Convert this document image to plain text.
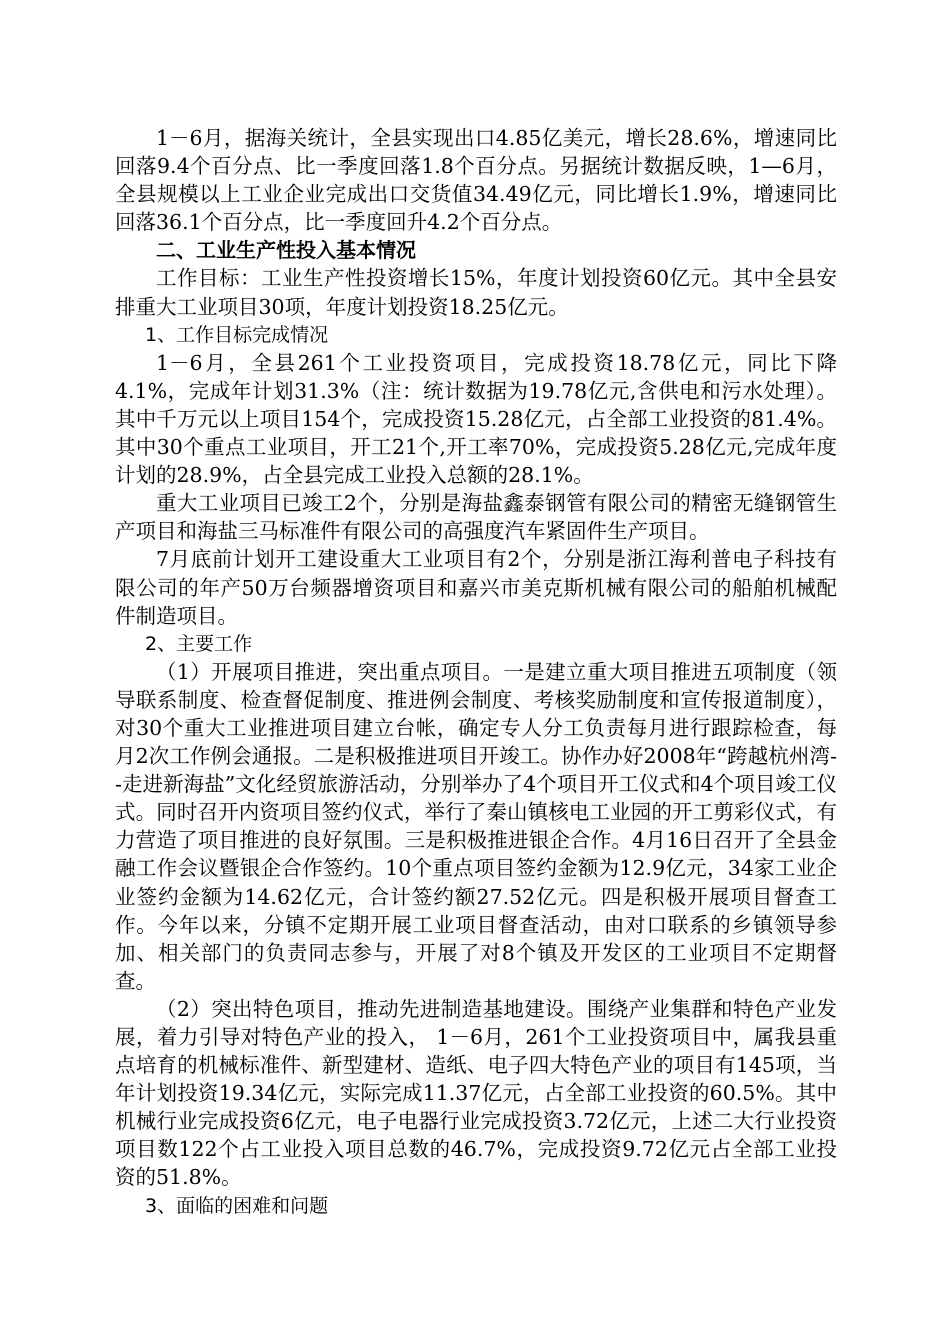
1－6月，据海关统计，全县实现出口4.85亿美元，增长28.6%，增速同比回落9.4个百分点、比一季度回落1.8个百分点。另据统计数据反映，1—6月，全县规模以上工业企业完成出口交货值34.49亿元，同比增长1.9%，增速同比回落36.1个百分点，比一季度回升4.2个百分点。

二、工业生产性投入基本情况

工作目标：工业生产性投资增长15%，年度计划投资60亿元。其中全县安排重大工业项目30项，年度计划投资18.25亿元。

1、工作目标完成情况

1－6月，全县261个工业投资项目，完成投资18.78亿元，同比下降4.1%，完成年计划31.3%（注：统计数据为19.78亿元,含供电和污水处理）。其中千万元以上项目154个，完成投资15.28亿元，占全部工业投资的81.4%。其中30个重点工业项目，开工21个,开工率70%，完成投资5.28亿元,完成年度计划的28.9%，占全县完成工业投入总额的28.1%。

重大工业项目已竣工2个，分别是海盐鑫泰钢管有限公司的精密无缝钢管生产项目和海盐三马标准件有限公司的高强度汽车紧固件生产项目。

7月底前计划开工建设重大工业项目有2个，分别是浙江海利普电子科技有限公司的年产50万台频器增资项目和嘉兴市美克斯机械有限公司的船舶机械配件制造项目。

2、主要工作

（1）开展项目推进，突出重点项目。一是建立重大项目推进五项制度（领导联系制度、检查督促制度、推进例会制度、考核奖励制度和宣传报道制度），对30个重大工业推进项目建立台帐，确定专人分工负责每月进行跟踪检查，每月2次工作例会通报。二是积极推进项目开竣工。协作办好2008年“跨越杭州湾--走进新海盐”文化经贸旅游活动，分别举办了4个项目开工仪式和4个项目竣工仪式。同时召开内资项目签约仪式，举行了秦山镇核电工业园的开工剪彩仪式，有力营造了项目推进的良好氛围。三是积极推进银企合作。4月16日召开了全县金融工作会议暨银企合作签约。10个重点项目签约金额为12.9亿元，34家工业企业签约金额为14.62亿元，合计签约额27.52亿元。四是积极开展项目督查工作。今年以来，分镇不定期开展工业项目督查活动，由对口联系的乡镇领导参加、相关部门的负责同志参与，开展了对8个镇及开发区的工业项目不定期督查。

（2）突出特色项目，推动先进制造基地建设。围绕产业集群和特色产业发展，着力引导对特色产业的投入， 1－6月，261个工业投资项目中，属我县重点培育的机械标准件、新型建材、造纸、电子四大特色产业的项目有145项，当年计划投资19.34亿元，实际完成11.37亿元，占全部工业投资的60.5%。其中机械行业完成投资6亿元，电子电器行业完成投资3.72亿元，上述二大行业投资项目数122个占工业投入项目总数的46.7%，完成投资9.72亿元占全部工业投资的51.8%。

3、面临的困难和问题
